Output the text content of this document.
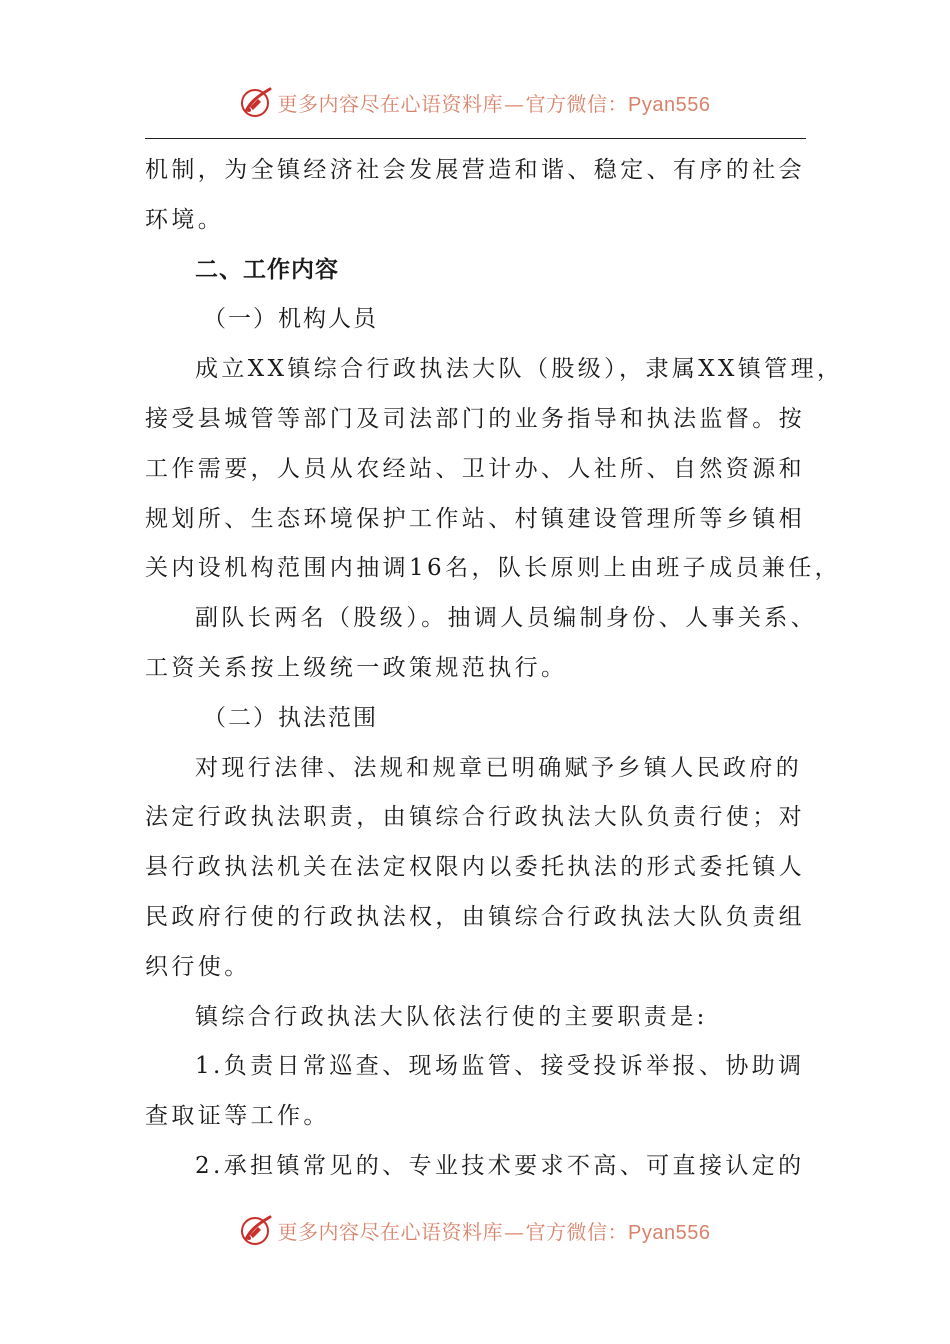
更多内容尽在心语资料库—官方微信：Pyan556
机制，为全镇经济社会发展营造和谐、稳定、有序的社会
环境。
二、工作内容
（一）机构人员
成立XX镇综合行政执法大队（股级），隶属XX镇管理，
接受县城管等部门及司法部门的业务指导和执法监督。按
工作需要，人员从农经站、卫计办、人社所、自然资源和
规划所、生态环境保护工作站、村镇建设管理所等乡镇相
关内设机构范围内抽调16名，队长原则上由班子成员兼任，
副队长两名（股级）。抽调人员编制身份、人事关系、
工资关系按上级统一政策规范执行。
（二）执法范围
对现行法律、法规和规章已明确赋予乡镇人民政府的
法定行政执法职责，由镇综合行政执法大队负责行使；对
县行政执法机关在法定权限内以委托执法的形式委托镇人
民政府行使的行政执法权，由镇综合行政执法大队负责组
织行使。
镇综合行政执法大队依法行使的主要职责是:
1.负责日常巡查、现场监管、接受投诉举报、协助调
查取证等工作。
2.承担镇常见的、专业技术要求不高、可直接认定的
更多内容尽在心语资料库—官方微信：Pyan556
